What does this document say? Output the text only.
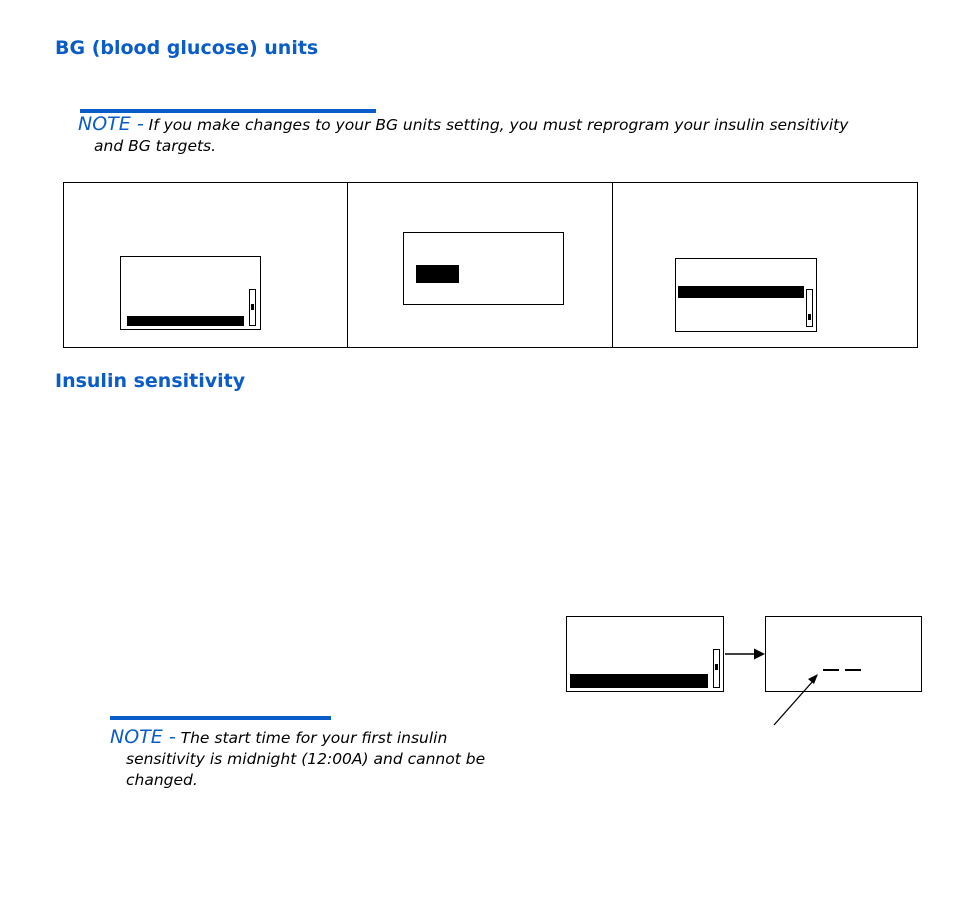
BG (blood glucose) units
NOTE - If you make changes to your BG units setting, you must reprogram your insulin sensitivity
and BG targets.
Insulin sensitivity
NOTE - The start time for your first insulin
sensitivity is midnight (12:00A) and cannot be
changed.
